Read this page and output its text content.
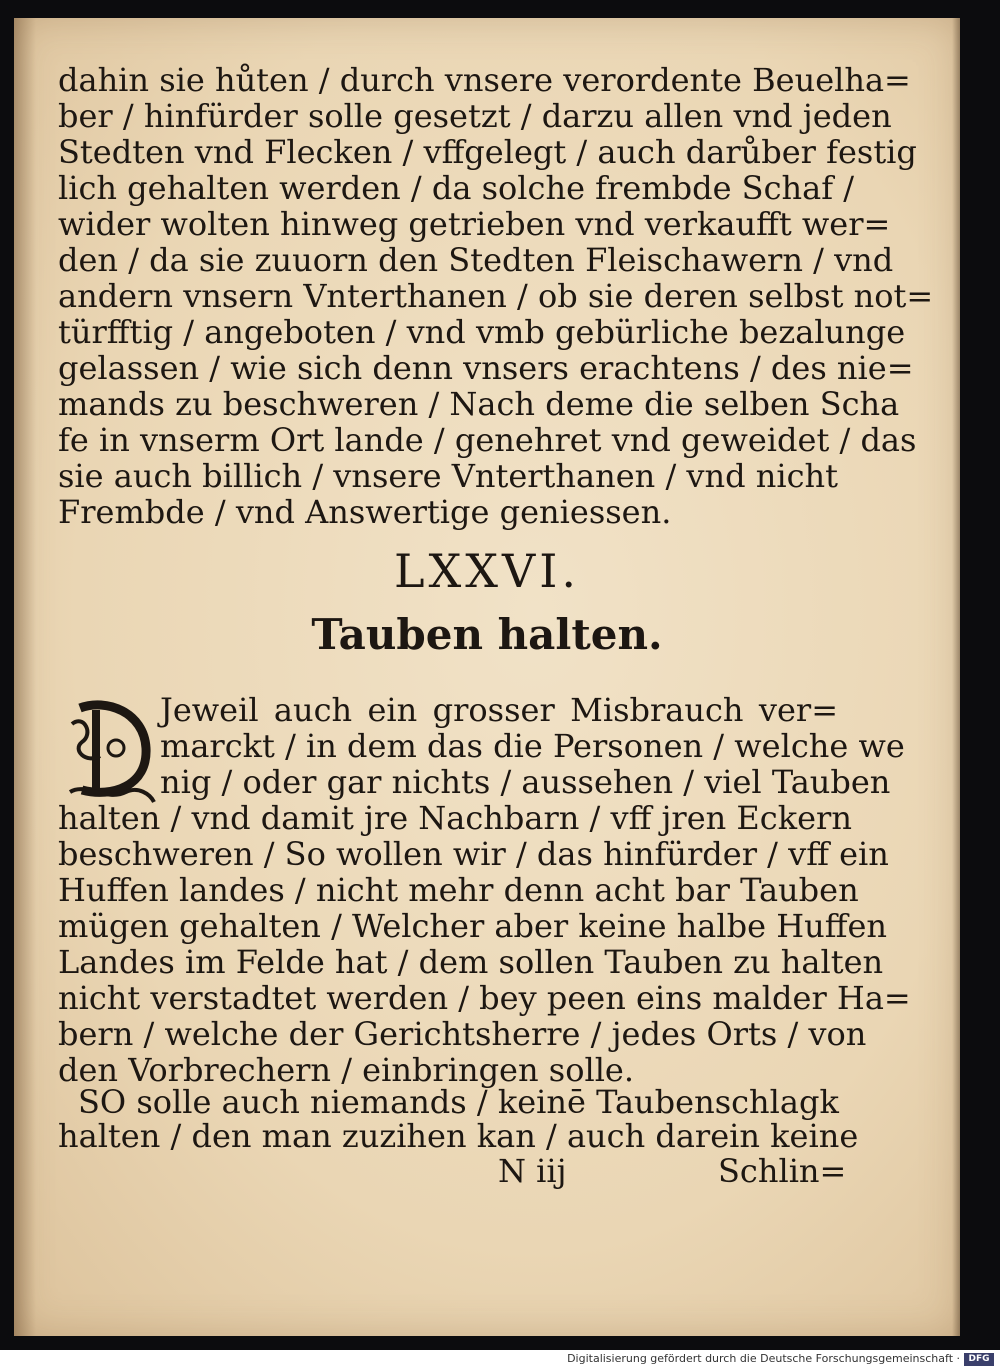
dahin sie hůten / durch vnsere verordente Beuelha=
ber / hinfürder solle gesetzt / darzu allen vnd jeden
Stedten vnd Flecken / vffgelegt / auch darůber festig
lich gehalten werden / da solche frembde Schaf /
wider wolten hinweg getrieben vnd verkaufft wer=
den / da sie zuuorn den Stedten Fleischawern / vnd
andern vnsern Vnterthanen / ob sie deren selbst not=
türfftig / angeboten / vnd vmb gebürliche bezalunge
gelassen / wie sich denn vnsers erachtens / des nie=
mands zu beschweren / Nach deme die selben Scha
fe in vnserm Ort lande / genehret vnd geweidet / das
sie auch billich / vnsere Vnterthanen / vnd nicht
Frembde / vnd Answertige geniessen.
LXXVI.
Tauben halten.
Jeweil auch ein grosser Misbrauch ver=
marckt / in dem das die Personen / welche we
nig / oder gar nichts / aussehen / viel Tauben
halten / vnd damit jre Nachbarn / vff jren Eckern
beschweren / So wollen wir / das hinfürder / vff ein
Huffen landes / nicht mehr denn acht bar Tauben
mügen gehalten / Welcher aber keine halbe Huffen
Landes im Felde hat / dem sollen Tauben zu halten
nicht verstadtet werden / bey peen eins malder Ha=
bern / welche der Gerichtsherre / jedes Orts / von
den Vorbrechern / einbringen solle.
SO solle auch niemands / keinē Taubenschlagk
halten / den man zuzihen kan / auch darein keine
N iij	Schlin=
Digitalisierung gefördert durch die Deutsche Forschungsgemeinschaft · DFG
